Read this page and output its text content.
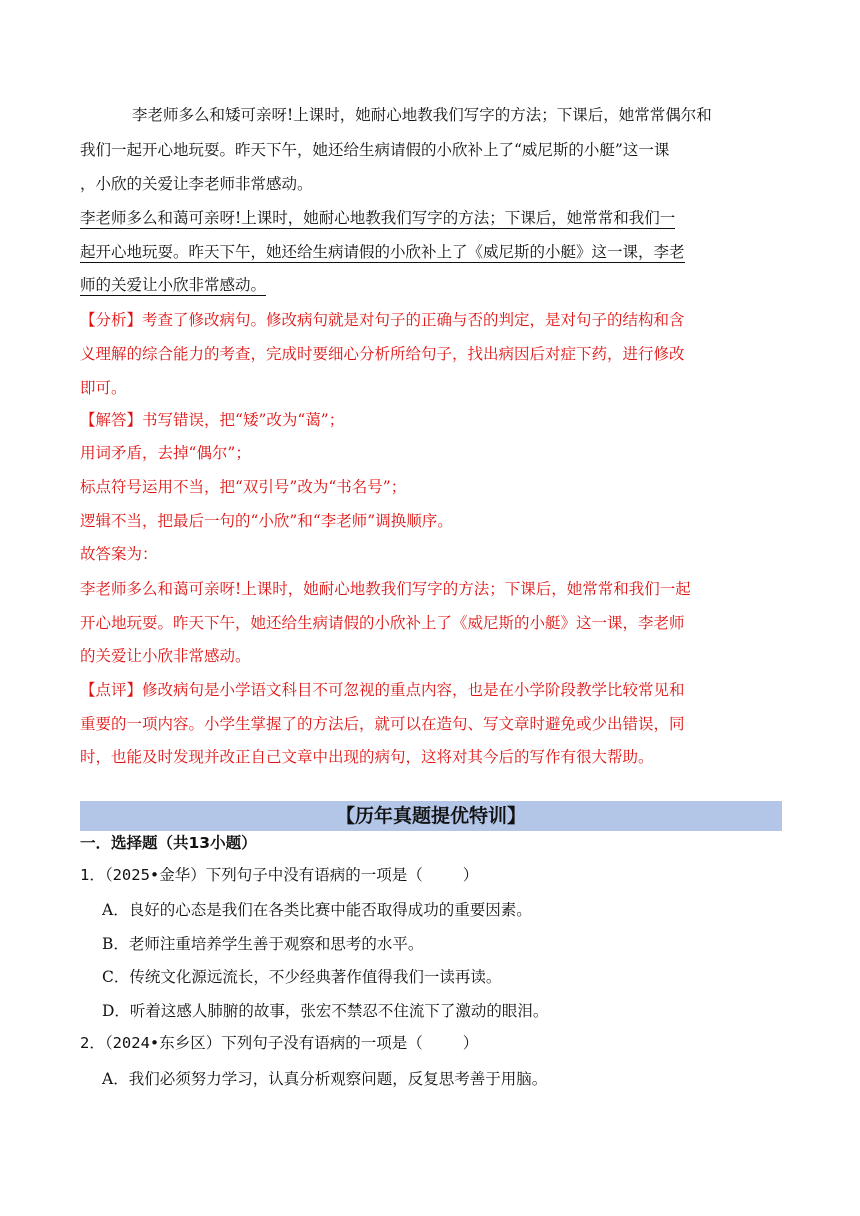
李老师多么和矮可亲呀!上课时，她耐心地教我们写字的方法；下课后，她常常偶尔和
我们一起开心地玩耍。昨天下午，她还给生病请假的小欣补上了“威尼斯的小艇”这一课
，小欣的关爱让李老师非常感动。
李老师多么和蔼可亲呀!上课时，她耐心地教我们写字的方法；下课后，她常常和我们一
起开心地玩耍。昨天下午，她还给生病请假的小欣补上了《威尼斯的小艇》这一课，李老
师的关爱让小欣非常感动。
【分析】考查了修改病句。修改病句就是对句子的正确与否的判定，是对句子的结构和含
义理解的综合能力的考查，完成时要细心分析所给句子，找出病因后对症下药，进行修改
即可。
【解答】书写错误，把“矮”改为“蔼”；
用词矛盾，去掉“偶尔”；
标点符号运用不当，把“双引号”改为“书名号”；
逻辑不当，把最后一句的“小欣”和“李老师”调换顺序。
故答案为：
李老师多么和蔼可亲呀!上课时，她耐心地教我们写字的方法；下课后，她常常和我们一起
开心地玩耍。昨天下午，她还给生病请假的小欣补上了《威尼斯的小艇》这一课，李老师
的关爱让小欣非常感动。
【点评】修改病句是小学语文科目不可忽视的重点内容，也是在小学阶段教学比较常见和
重要的一项内容。小学生掌握了的方法后，就可以在造句、写文章时避免或少出错误，同
时，也能及时发现并改正自己文章中出现的病句，这将对其今后的写作有很大帮助。
【历年真题提优特训】
一．选择题（共13小题）
1．（2025•金华）下列句子中没有语病的一项是（	）
A．良好的心态是我们在各类比赛中能否取得成功的重要因素。
B．老师注重培养学生善于观察和思考的水平。
C．传统文化源远流长，不少经典著作值得我们一读再读。
D．听着这感人肺腑的故事，张宏不禁忍不住流下了激动的眼泪。
2．（2024•东乡区）下列句子没有语病的一项是（	）
A．我们必须努力学习，认真分析观察问题，反复思考善于用脑。
